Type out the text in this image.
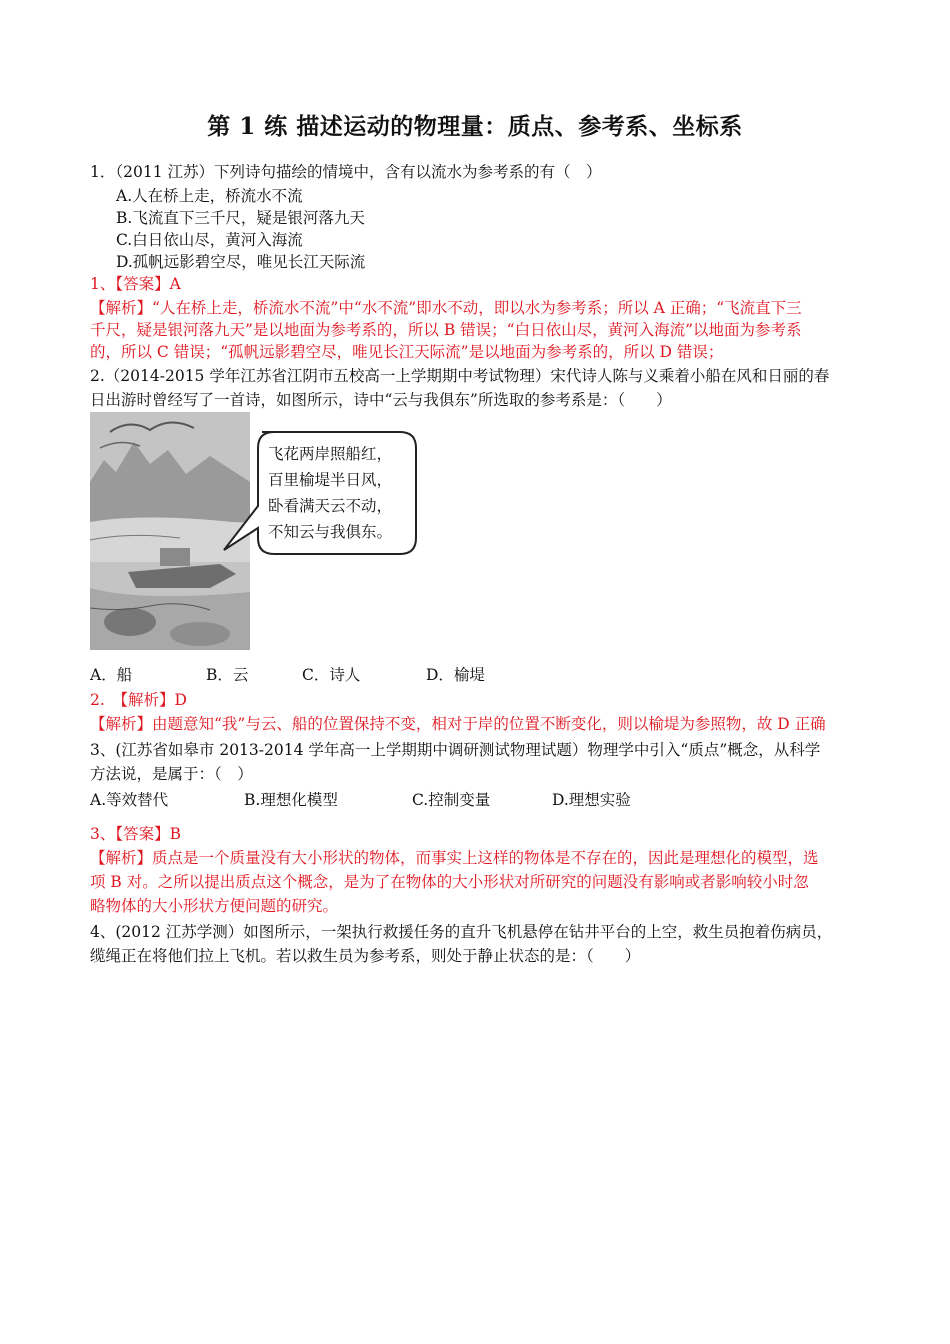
第 1 练 描述运动的物理量：质点、参考系、坐标系
1．（2011 江苏）下列诗句描绘的情境中，含有以流水为参考系的有（　）
A.人在桥上走，桥流水不流
B.飞流直下三千尺，疑是银河落九天
C.白日依山尽，黄河入海流
D.孤帆远影碧空尽，唯见长江天际流
1、【答案】A
【解析】“人在桥上走，桥流水不流”中“水不流”即水不动，即以水为参考系；所以 A 正确；“飞流直下三
千尺，疑是银河落九天”是以地面为参考系的，所以 B 错误；“白日依山尽，黄河入海流”以地面为参考系
的，所以 C 错误；“孤帆远影碧空尽，唯见长江天际流”是以地面为参考系的，所以 D 错误；
2.（2014-2015 学年江苏省江阴市五校高一上学期期中考试物理）宋代诗人陈与义乘着小船在风和日丽的春
日出游时曾经写了一首诗，如图所示，诗中“云与我俱东”所选取的参考系是：（　　）
飞花两岸照船红，
百里榆堤半日风，
卧看满天云不动，
不知云与我俱东。
A．船	B．云	C．诗人	D．榆堤
2.　【解析】D
【解析】由题意知“我”与云、船的位置保持不变，相对于岸的位置不断变化，则以榆堤为参照物，故 D 正确
3、(江苏省如皋市 2013-2014 学年高一上学期期中调研测试物理试题）物理学中引入“质点”概念，从科学
方法说，是属于：（　）
A.等效替代	B.理想化模型	C.控制变量	D.理想实验
3、【答案】B
【解析】质点是一个质量没有大小形状的物体，而事实上这样的物体是不存在的，因此是理想化的模型，选
项 B 对。之所以提出质点这个概念，是为了在物体的大小形状对所研究的问题没有影响或者影响较小时忽
略物体的大小形状方便问题的研究。
4、(2012 江苏学测）如图所示，一架执行救援任务的直升飞机悬停在钻井平台的上空，救生员抱着伤病员，
缆绳正在将他们拉上飞机。若以救生员为参考系，则处于静止状态的是：（　　）
